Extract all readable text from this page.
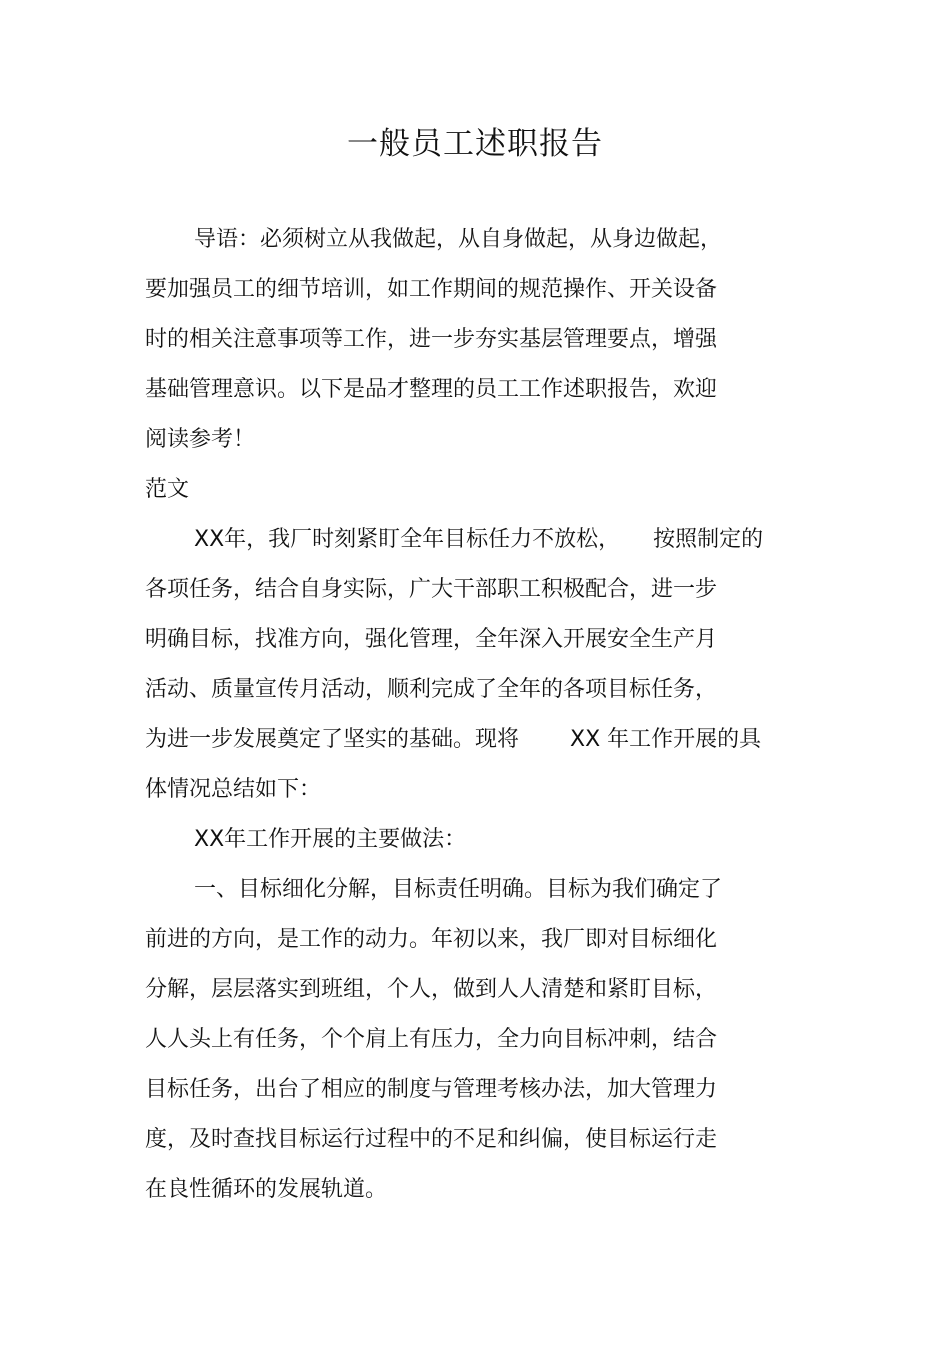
一般员工述职报告
导语：必须树立从我做起，从自身做起，从身边做起，
要加强员工的细节培训，如工作期间的规范操作、开关设备
时的相关注意事项等工作，进一步夯实基层管理要点，增强
基础管理意识。以下是品才整理的员工工作述职报告，欢迎
阅读参考！
范文
XX年，我厂时刻紧盯全年目标任力不放松，　　按照制定的
各项任务，结合自身实际，广大干部职工积极配合，进一步
明确目标，找准方向，强化管理，全年深入开展安全生产月
活动、质量宣传月活动，顺利完成了全年的各项目标任务，
为进一步发展奠定了坚实的基础。现将　　 XX 年工作开展的具
体情况总结如下：
XX年工作开展的主要做法：
一、目标细化分解，目标责任明确。目标为我们确定了
前进的方向，是工作的动力。年初以来，我厂即对目标细化
分解，层层落实到班组，个人，做到人人清楚和紧盯目标，
人人头上有任务，个个肩上有压力，全力向目标冲刺，结合
目标任务，出台了相应的制度与管理考核办法，加大管理力
度，及时查找目标运行过程中的不足和纠偏，使目标运行走
在良性循环的发展轨道。
